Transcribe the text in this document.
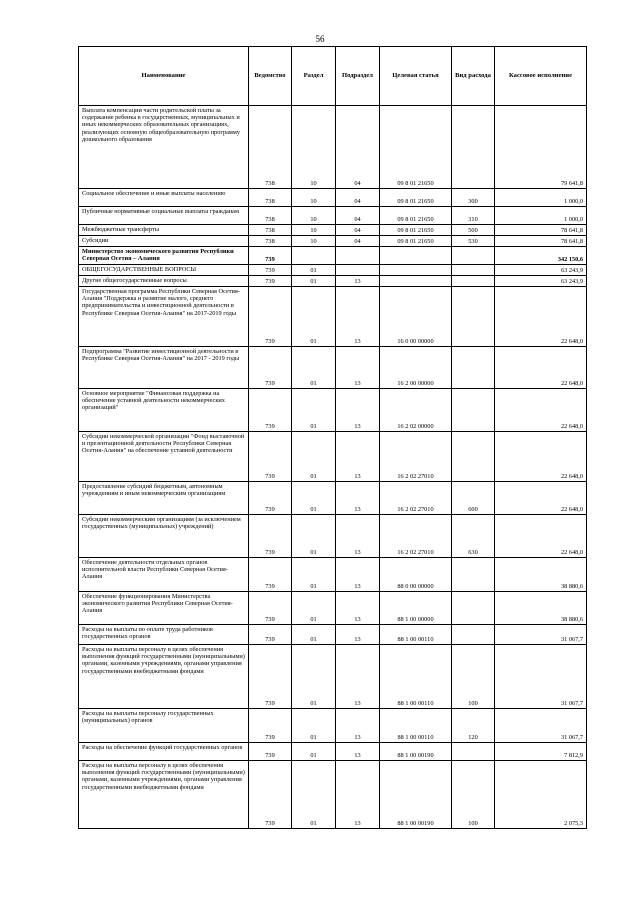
56
Наименование	Ведомство	Раздел	Подраздел	Целевая статья	Вид расхода	Кассовое исполнение
Выплата компенсации части родительской платы за содержание ребенка в государственных, муниципальных и иных некоммерческих образовательных организациях, реализующих основную общеобразовательную программу дошкольного образования	738	10	04	09 8 01 21650		79 641,8
Социальное обеспечение и иные выплаты населению	738	10	04	09 8 01 21650	300	1 000,0
Публичные нормативные социальные выплаты гражданам	738	10	04	09 8 01 21650	310	1 000,0
Межбюджетные трансферты	738	10	04	09 8 01 21650	500	78 641,8
Субсидии	738	10	04	09 8 01 21650	530	78 641,8
Министерство экономического развития Республики Северная Осетия – Алания	739					342 150,6
ОБЩЕГОСУДАРСТВЕННЫЕ ВОПРОСЫ	739	01				63 243,9
Другие общегосударственные вопросы	739	01	13			63 243,9
Государственная программа Республики Северная Осетия-Алания "Поддержка и развитие малого, среднего предпринимательства и инвестиционной деятельности в Республике Северная Осетия-Алания" на 2017-2019 годы	739	01	13	16 0 00 00000		22 648,0
Подпрограмма "Развитие инвестиционной деятельности в Республике Северная Осетия-Алания" на 2017 - 2019 годы	739	01	13	16 2 00 00000		22 648,0
Основное мероприятие "Финансовая поддержка на обеспечение уставной деятельности некоммерческих организаций"	739	01	13	16 2 02 00000		22 648,0
Субсидии некоммерческой организации "Фонд выставочной и презентационной деятельности Республики Северная Осетия-Алания" на обеспечение уставной деятельности	739	01	13	16 2 02 27010		22 648,0
Предоставление субсидий бюджетным, автономным учреждениям и иным некоммерческим организациям	739	01	13	16 2 02 27010	600	22 648,0
Субсидии некоммерческим организациям (за исключением государственных (муниципальных) учреждений)	739	01	13	16 2 02 27010	630	22 648,0
Обеспечение деятельности отдельных органов исполнительной власти Республики Северная Осетия-Алания	739	01	13	88 0 00 00000		38 880,6
Обеспечение функционирования Министерства экономического развития Республики Северная Осетия-Алания	739	01	13	88 1 00 00000		38 880,6
Расходы на выплаты по оплате труда работников государственных органов	739	01	13	88 1 00 00110		31 067,7
Расходы на выплаты персоналу в целях обеспечения выполнения функций государственными (муниципальными) органами, казенными учреждениями, органами управления государственными внебюджетными фондами	739	01	13	88 1 00 00110	100	31 067,7
Расходы на выплаты персоналу государственных (муниципальных) органов	739	01	13	88 1 00 00110	120	31 067,7
Расходы на обеспечение функций государственных органов	739	01	13	88 1 00 00190		7 812,9
Расходы на выплаты персоналу в целях обеспечения выполнения функций государственными (муниципальными) органами, казенными учреждениями, органами управления государственными внебюджетными фондами	739	01	13	88 1 00 00190	100	2 075,3
